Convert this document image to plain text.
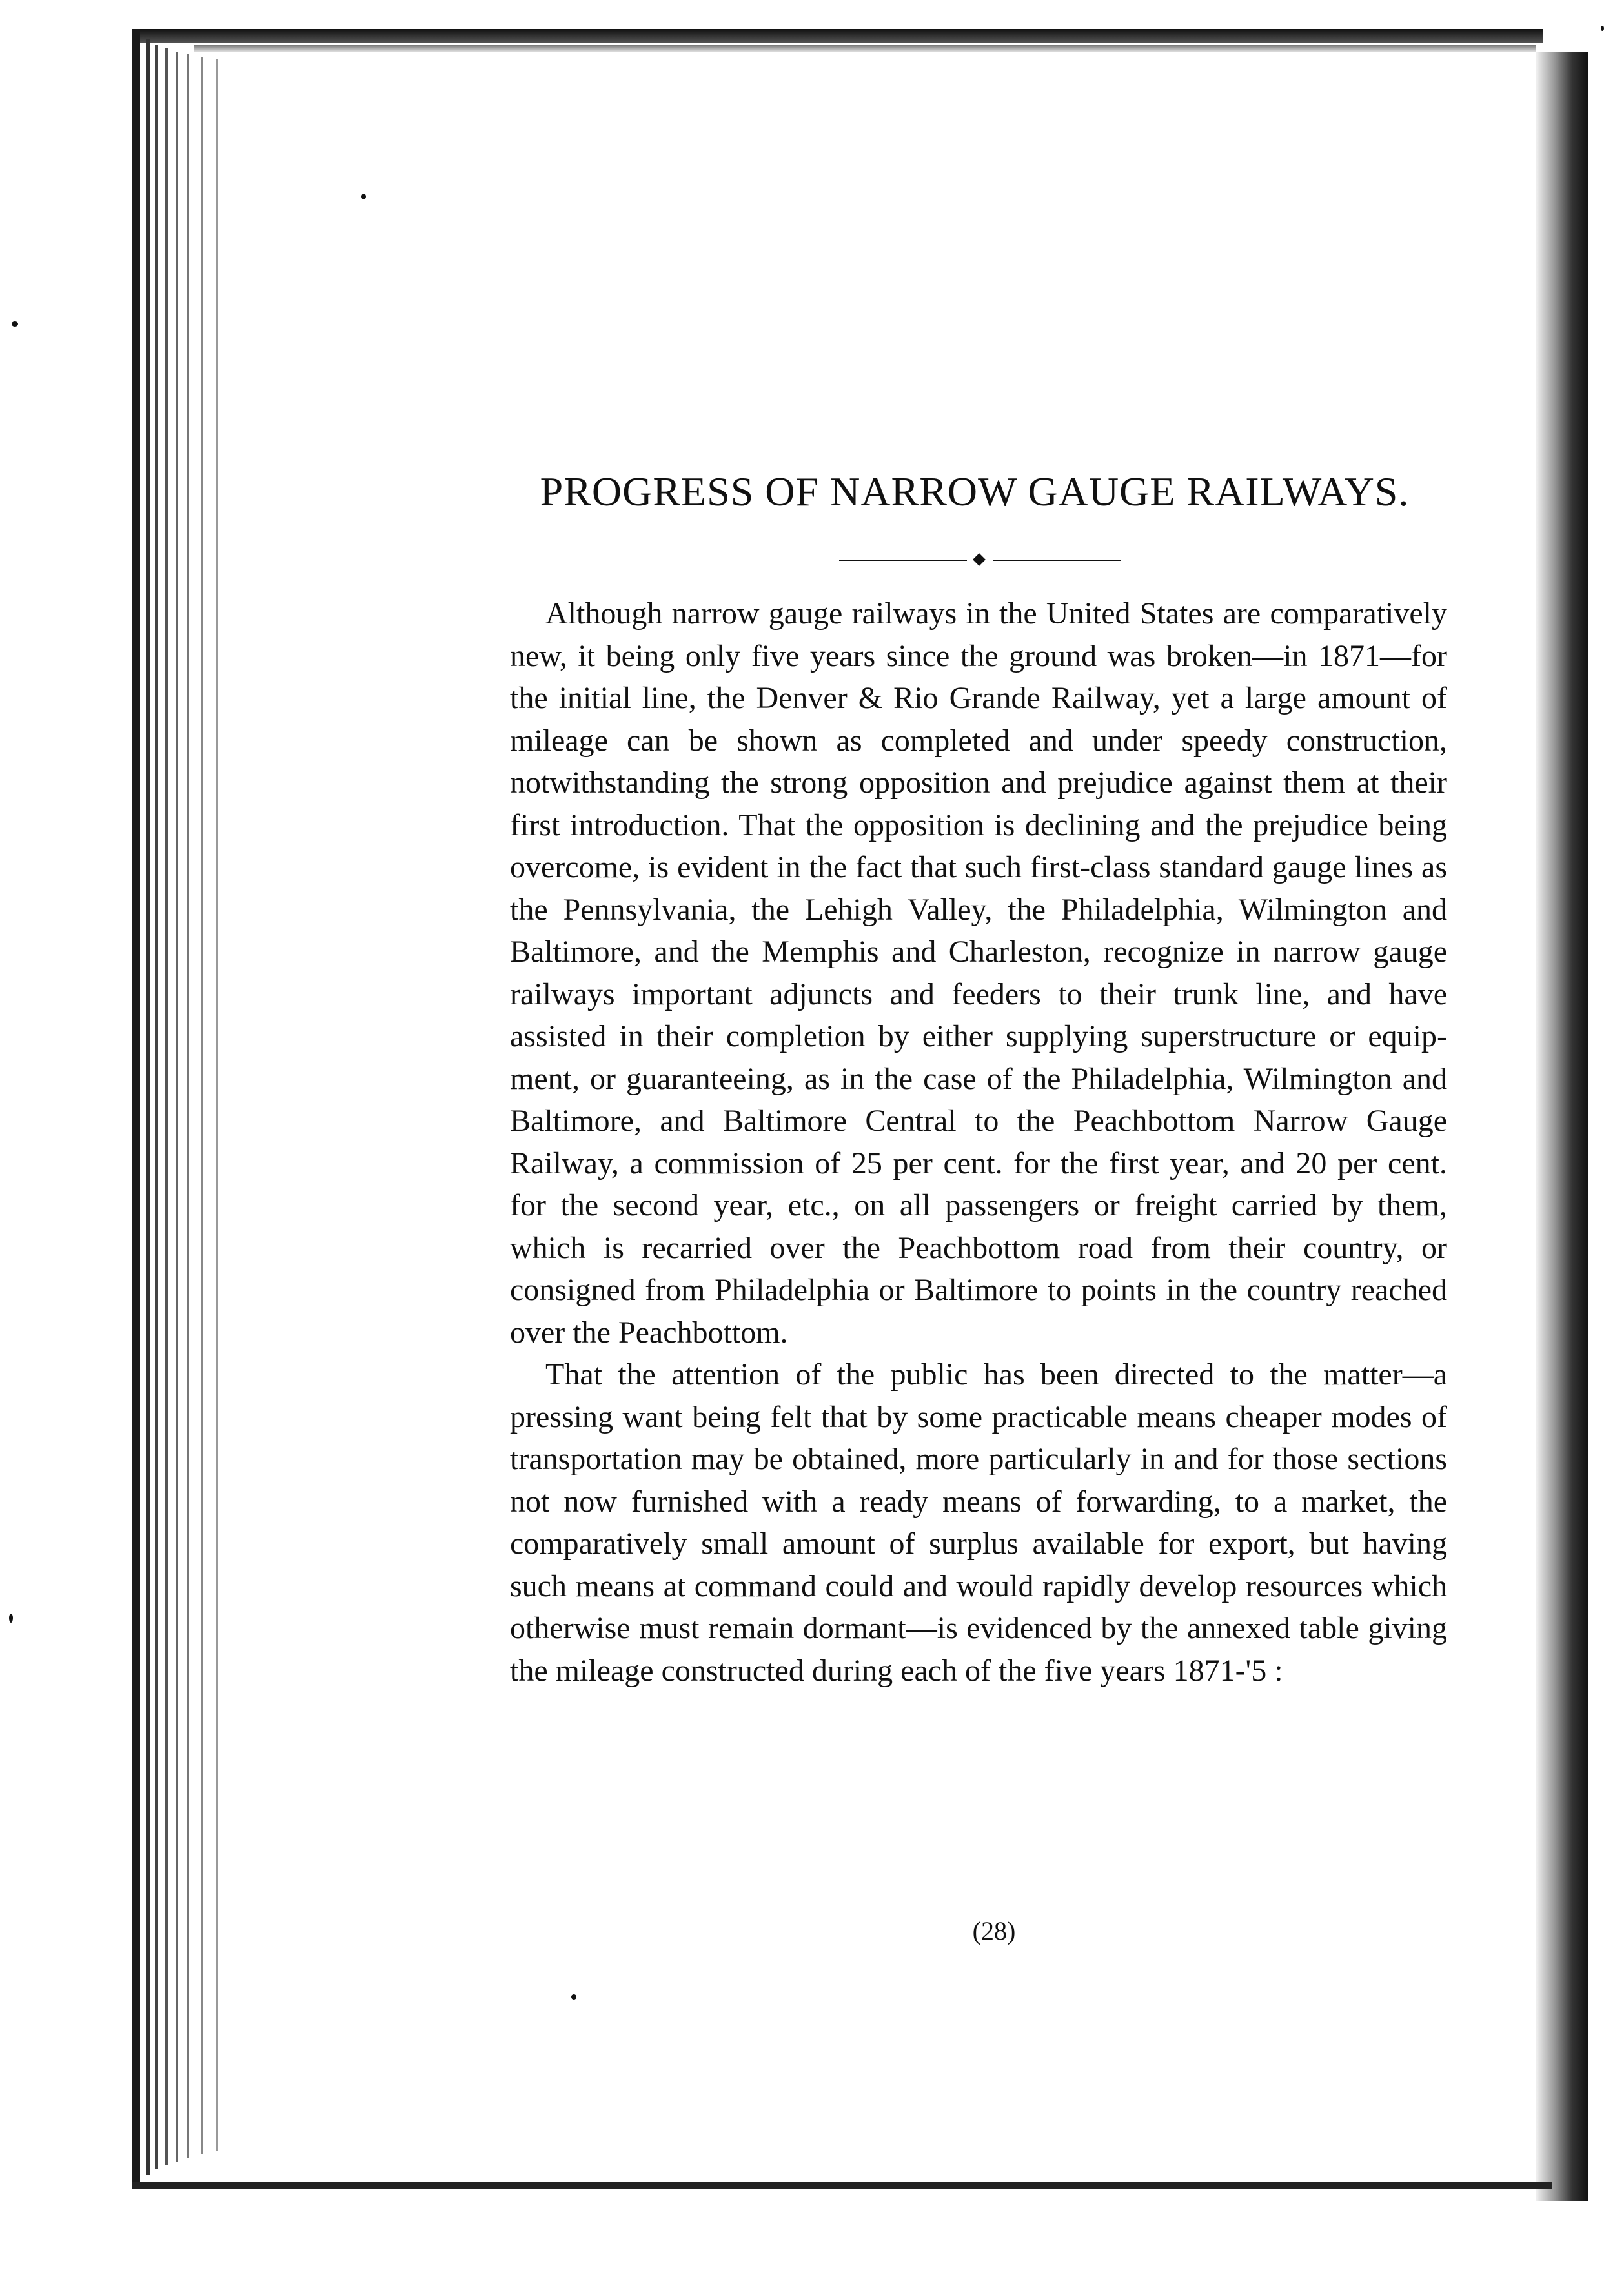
PROGRESS OF NARROW GAUGE RAILWAYS.

Although narrow gauge railways in the United States are comparatively new, it being only five years since the ground was broken—in 1871—for the initial line, the Denver & Rio Grande Railway, yet a large amount of mileage can be shown as completed and under speedy construction, notwithstanding the strong opposition and prejudice against them at their first introduction. That the opposition is declining and the prejudice being overcome, is evident in the fact that such first-class standard gauge lines as the Pennsylvania, the Lehigh Valley, the Philadelphia, Wilmington and Baltimore, and the Memphis and Charleston, recognize in narrow gauge railways important adjuncts and feeders to their trunk line, and have assisted in their completion by either supplying superstructure or equipment, or guaranteeing, as in the case of the Philadelphia, Wilmington and Baltimore, and Baltimore Central to the Peachbottom Narrow Gauge Railway, a commission of 25 per cent. for the first year, and 20 per cent. for the second year, etc., on all passengers or freight carried by them, which is recarried over the Peachbottom road from their country, or consigned from Philadelphia or Baltimore to points in the country reached over the Peachbottom.

That the attention of the public has been directed to the matter—a pressing want being felt that by some practicable means cheaper modes of transportation may be obtained, more particularly in and for those sections not now furnished with a ready means of forwarding, to a market, the comparatively small amount of surplus available for export, but having such means at command could and would rapidly develop resources which otherwise must remain dormant—is evidenced by the annexed table giving the mileage constructed during each of the five years 1871-'5 :

(28)
